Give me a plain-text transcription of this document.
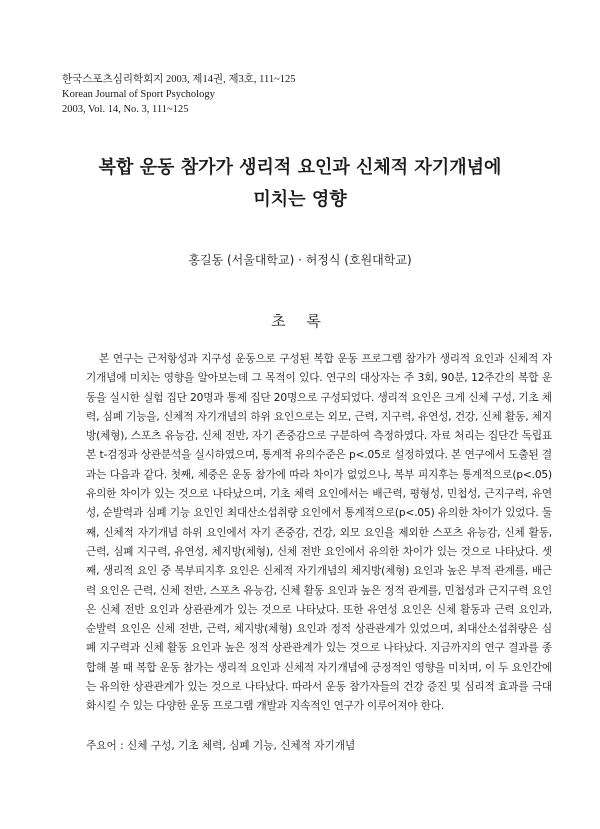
한국스포츠심리학회지 2003, 제14권, 제3호, 111~125
Korean Journal of Sport Psychology
2003, Vol. 14, No. 3, 111~125
복합 운동 참가가 생리적 요인과 신체적 자기개념에
미치는 영향
홍길동 (서울대학교) · 허정식 (호원대학교)
초 록
본 연구는 근저항성과 지구성 운동으로 구성된 복합 운동 프로그램 참가가 생리적 요인과 신체적 자기개념에 미치는 영향을 알아보는데 그 목적이 있다. 연구의 대상자는 주 3회, 90분, 12주간의 복합 운동을 실시한 실험 집단 20명과 통제 집단 20명으로 구성되었다. 생리적 요인은 크게 신체 구성, 기초 체력, 심폐 기능을, 신체적 자기개념의 하위 요인으로는 외모, 근력, 지구력, 유연성, 건강, 신체 활동, 체지방(체형), 스포츠 유능감, 신체 전반, 자기 존중감으로 구분하여 측정하였다. 자료 처리는 집단간 독립표본 t-검정과 상관분석을 실시하였으며, 통계적 유의수준은 p<.05로 설정하였다. 본 연구에서 도출된 결과는 다음과 같다. 첫째, 체중은 운동 참가에 따라 차이가 없었으나, 복부 피지후는 통계적으로(p<.05) 유의한 차이가 있는 것으로 나타났으며, 기초 체력 요인에서는 배근력, 평형성, 민첩성, 근지구력, 유연성, 순발력과 심폐 기능 요인인 최대산소섭취량 요인에서 통계적으로(p<.05) 유의한 차이가 있었다. 둘째, 신체적 자기개념 하위 요인에서 자기 존중감, 건강, 외모 요인을 제외한 스포츠 유능감, 신체 활동, 근력, 심폐 지구력, 유연성, 체지방(체형), 신체 전반 요인에서 유의한 차이가 있는 것으로 나타났다. 셋째, 생리적 요인 중 복부피지후 요인은 신체적 자기개념의 체지방(체형) 요인과 높은 부적 관계를, 배근력 요인은 근력, 신체 전반, 스포츠 유능감, 신체 활동 요인과 높은 정적 관계를, 민첩성과 근지구력 요인은 신체 전반 요인과 상관관계가 있는 것으로 나타났다. 또한 유연성 요인은 신체 활동과 근력 요인과, 순발력 요인은 신체 전반, 근력, 체지방(체형) 요인과 정적 상관관계가 있었으며, 최대산소섭취량은 심폐 지구력과 신체 활동 요인과 높은 정적 상관관계가 있는 것으로 나타났다. 지금까지의 연구 결과를 종합해 볼 때 복합 운동 참가는 생리적 요인과 신체적 자기개념에 긍정적인 영향을 미치며, 이 두 요인간에는 유의한 상관관계가 있는 것으로 나타났다. 따라서 운동 참가자들의 건강 증진 및 심리적 효과를 극대화시킬 수 있는 다양한 운동 프로그램 개발과 지속적인 연구가 이루어져야 한다.
주요어 : 신체 구성, 기초 체력, 심폐 기능, 신체적 자기개념
